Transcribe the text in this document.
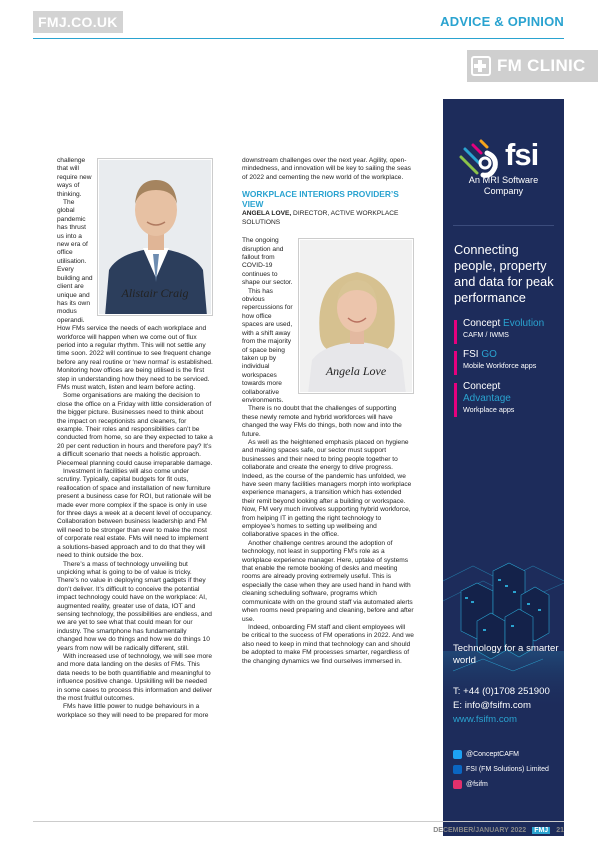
FMJ.CO.UK	ADVICE & OPINION
FM CLINIC
Alistair Craig

challenge that will require new ways of thinking.

The global pandemic has thrust us into a new era of office utilisation. Every building and client are unique and has its own modus operandi. How FMs service the needs of each workplace and workforce will happen when we come out of flux period into a regular rhythm. This will not settle any time soon. 2022 will continue to see frequent change before any real routine or ‘new normal’ is established. Monitoring how offices are being utilised is the first step in understanding how they need to be serviced. FMs must watch, listen and learn before acting.

Some organisations are making the decision to close the office on a Friday with little consideration of the bigger picture. Businesses need to think about the impact on receptionists and cleaners, for example. Their roles and responsibilities can’t be conducted from home, so are they expected to take a 20 per cent reduction in hours and therefore pay? It’s a difficult scenario that needs a holistic approach. Piecemeal planning could cause irreparable damage.

Investment in facilities will also come under scrutiny. Typically, capital budgets for fit outs, reallocation of space and installation of new furniture present a business case for ROI, but rationale will be made ever more complex if the space is only in use for three days a week at a decent level of occupancy. Collaboration between business leadership and FM will need to be stronger than ever to make the most of corporate real estate. FMs will need to implement a solutions-based approach and to do that they will need to think outside the box.

There’s a mass of technology unveiling but unpicking what is going to be of value is tricky. There’s no value in deploying smart gadgets if they don’t deliver. It’s difficult to conceive the potential impact technology could have on the workplace: AI, augmented reality, greater use of data, IOT and sensing technology, the possibilities are endless, and we are yet to see what that could mean for our industry. The smartphone has fundamentally changed how we do things and how we do things 10 years from now will be radically different, still.

With increased use of technology, we will see more and more data landing on the desks of FMs. This data needs to be both quantifiable and meaningful to influence positive change. Upskilling will be needed in some cases to process this information and deliver the most fruitful outcomes.

FMs have little power to nudge behaviours in a workplace so they will need to be prepared for more

downstream challenges over the next year. Agility, open-mindedness, and innovation will be key to sailing the seas of 2022 and cementing the new world of the workplace.

WORKPLACE INTERIORS PROVIDER’S VIEW
ANGELA LOVE, DIRECTOR, ACTIVE WORKPLACE SOLUTIONS
Angela Love

The ongoing disruption and fallout from COVID-19 continues to shape our sector.

This has obvious repercussions for how office spaces are used, with a shift away from the majority of space being taken up by individual workspaces towards more collaborative environments.

There is no doubt that the challenges of supporting these newly remote and hybrid workforces will have changed the way FMs do things, both now and into the future.

As well as the heightened emphasis placed on hygiene and making spaces safe, our sector must support businesses and their need to bring people together to collaborate and create the energy to drive progress. Indeed, as the course of the pandemic has unfolded, we have seen many facilities managers morph into workplace experience managers, a transition which has extended their remit beyond looking after a building or workspace. Now, FM very much involves supporting hybrid workforce, from helping IT in getting the right technology to employee’s homes to setting up wellbeing and collaborative spaces in the office.

Another challenge centres around the adoption of technology, not least in supporting FM’s role as a workplace experience manager. Here, uptake of systems that enable the remote booking of desks and meeting rooms are already proving extremely useful. This is especially the case when they are used hand in hand with cleaning scheduling software, programs which communicate with on the ground staff via automated alerts when rooms need preparing and cleaning, before and after use.

Indeed, onboarding FM staff and client employees will be critical to the success of FM operations in 2022. And we also need to keep in mind that technology can and should be adopted to make FM processes smarter, regardless of the changing dynamics we find ourselves immersed in.

fsi
An MRI Software
Company
Connecting people, property and data for peak performance
Concept Evolution
CAFM / IWMS
FSI GO
Mobile Workforce apps
Concept
Advantage
Workplace apps
Technology for a smarter world
T: +44 (0)1708 251900
E: info@fsifm.com
www.fsifm.com
@ConceptCAFM
FSI (FM Solutions) Limited
@fsifm
DECEMBER/JANUARY 2022 FMJ 21
